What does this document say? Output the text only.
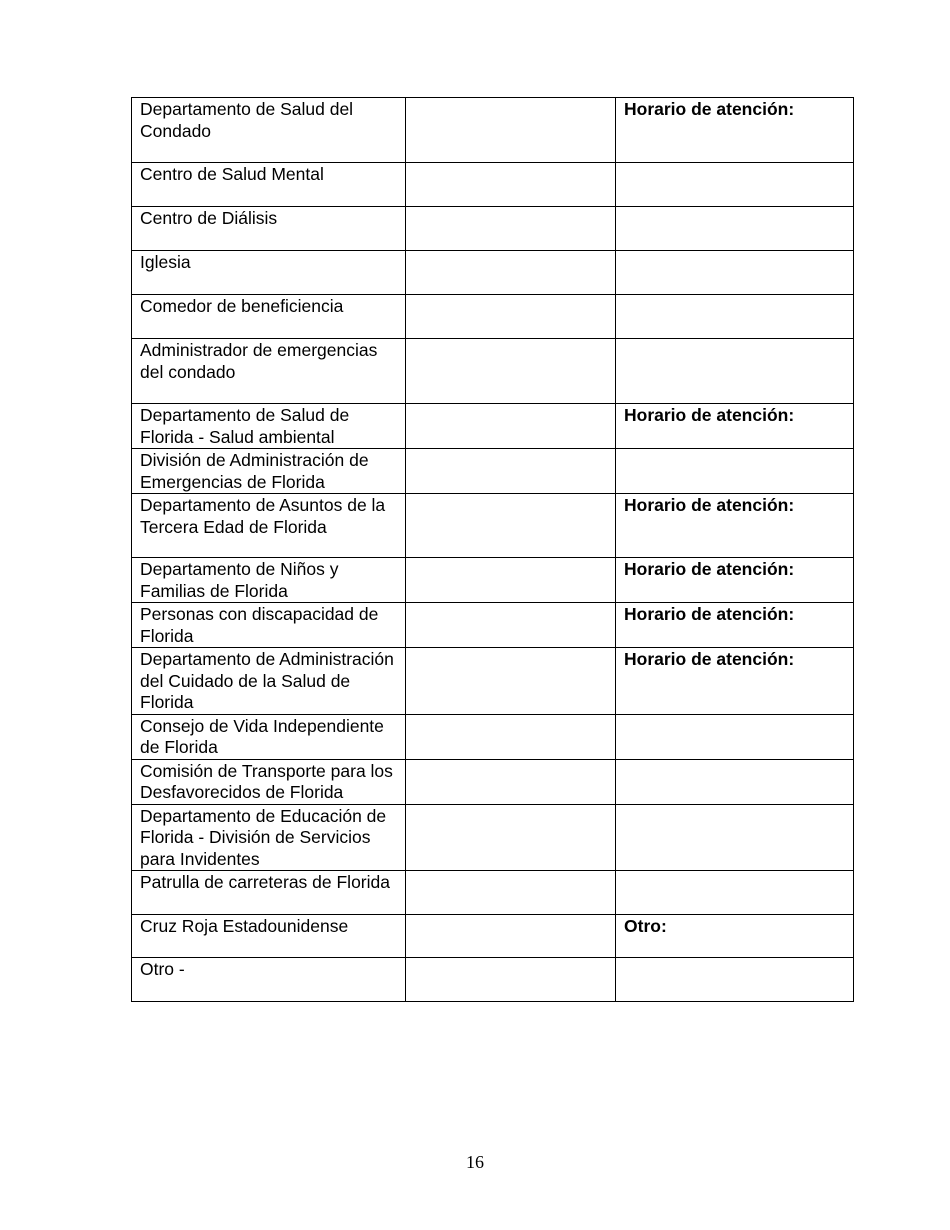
Departamento de Salud del Condado		Horario de atención:
Centro de Salud Mental		
Centro de Diálisis		
Iglesia		
Comedor de beneficiencia		
Administrador de emergencias del condado		
Departamento de Salud de Florida - Salud ambiental		Horario de atención:
División de Administración de Emergencias de Florida		
Departamento de Asuntos de la Tercera Edad de Florida		Horario de atención:
Departamento de Niños y Familias de Florida		Horario de atención:
Personas con discapacidad de Florida		Horario de atención:
Departamento de Administración del Cuidado de la Salud de Florida		Horario de atención:
Consejo de Vida Independiente de Florida		
Comisión de Transporte para los Desfavorecidos de Florida		
Departamento de Educación de Florida - División de Servicios para Invidentes		
Patrulla de carreteras de Florida		
Cruz Roja Estadounidense		Otro:
Otro -		
16
